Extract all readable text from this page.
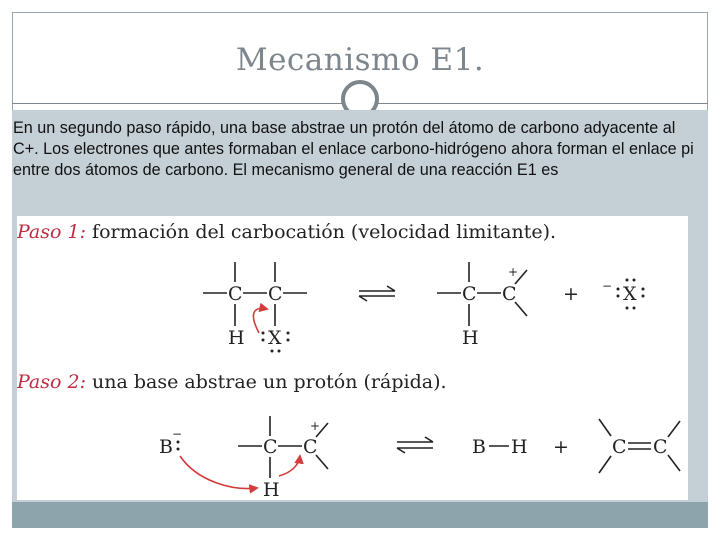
Mecanismo E1.
En un segundo paso rápido, una base abstrae un protón del átomo de carbono adyacente al C+. Los electrones que antes formaban el enlace carbono-hidrógeno ahora forman el enlace pi entre dos átomos de carbono. El mecanismo general de una reacción E1 es
Paso 1: formación del carbocatión (velocidad limitante).
C C
H X
C C
+
H
+ − X
Paso 2: una base abstrae un protón (rápida).
B
−
C C
+
H
B H + C C
